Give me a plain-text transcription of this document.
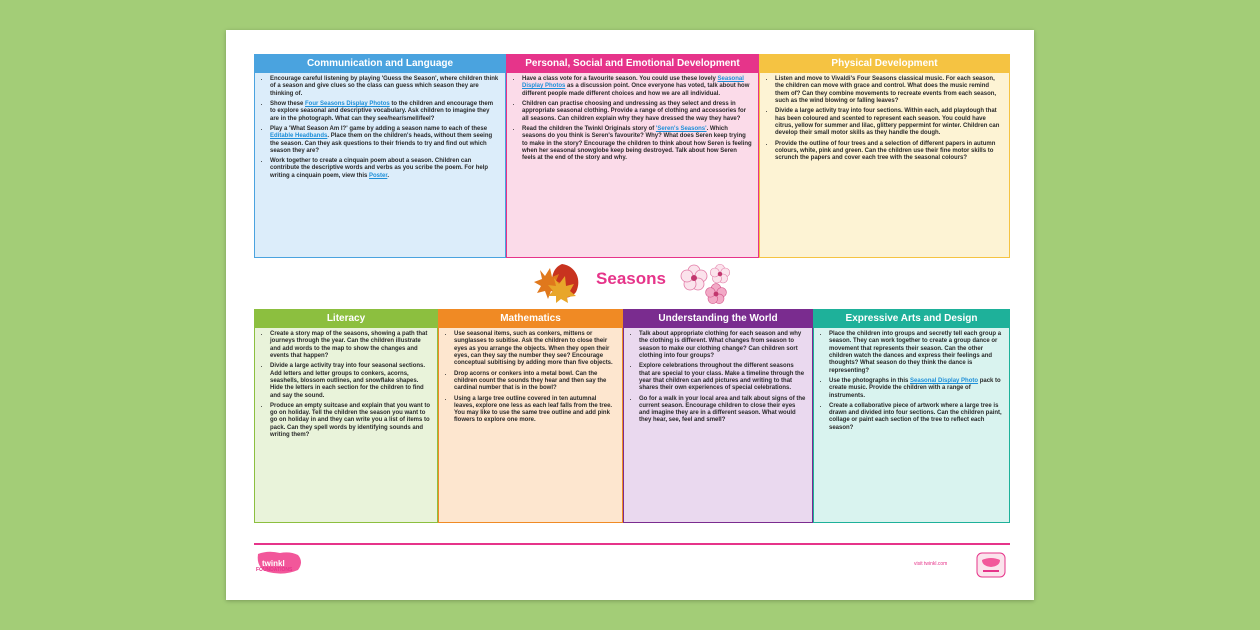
Communication and Language
• Encourage careful listening by playing 'Guess the Season', where children think of a season and give clues so the class can guess which season they are thinking of.
• Show these Four Seasons Display Photos to the children and encourage them to explore seasonal and descriptive vocabulary. Ask children to imagine they are in the photograph. What can they see/hear/smell/feel?
• Play a 'What Season Am I?' game by adding a season name to each of these Editable Headbands. Place them on the children's heads, without them seeing the season. Can they ask questions to their friends to try and find out which season they are?
• Work together to create a cinquain poem about a season. Children can contribute the descriptive words and verbs as you scribe the poem. For help writing a cinquain poem, view this Poster.
Personal, Social and Emotional Development
• Have a class vote for a favourite season. You could use these lovely Seasonal Display Photos as a discussion point. Once everyone has voted, talk about how different people made different choices and how we are all individual.
• Children can practise choosing and undressing as they select and dress in appropriate seasonal clothing. Provide a range of clothing and accessories for all seasons. Can children explain why they have dressed the way they have?
• Read the children the Twinkl Originals story of 'Seren's Seasons'. Which seasons do you think is Seren's favourite? Why? What does Seren keep trying to make in the story? Encourage the children to think about how Seren is feeling when her seasonal snowglobe keep being destroyed. Talk about how Seren feels at the end of the story and why.
Physical Development
• Listen and move to Vivaldi's Four Seasons classical music. For each season, the children can move with grace and control. What does the music remind them of? Can they combine movements to recreate events from each season, such as the wind blowing or falling leaves?
• Divide a large activity tray into four sections. Within each, add playdough that has been coloured and scented to represent each season. You could have citrus, yellow for summer and lilac, glittery peppermint for winter. Children can develop their small motor skills as they handle the dough.
• Provide the outline of four trees and a selection of different papers in autumn colours, white, pink and green. Can the children use their fine motor skills to scrunch the papers and cover each tree with the seasonal colours?
Seasons
Literacy
• Create a story map of the seasons, showing a path that journeys through the year. Can the children illustrate and add words to the map to show the changes and events that happen?
• Divide a large activity tray into four seasonal sections. Add letters and letter groups to conkers, acorns, seashells, blossom outlines, and snowflake shapes. Hide the letters in each section for the children to find and say the sound.
• Produce an empty suitcase and explain that you want to go on holiday. Tell the children the season you want to go on holiday in and they can write you a list of items to pack. Can they spell words by identifying sounds and writing them?
Mathematics
• Use seasonal items, such as conkers, mittens or sunglasses to subitise. Ask the children to close their eyes as you arrange the objects. When they open their eyes, can they say the number they see? Encourage conceptual subitising by adding more than five objects.
• Drop acorns or conkers into a metal bowl. Can the children count the sounds they hear and then say the cardinal number that is in the bowl?
• Using a large tree outline covered in ten autumnal leaves, explore one less as each leaf falls from the tree. You may like to use the same tree outline and add pink flowers to explore one more.
Understanding the World
• Talk about appropriate clothing for each season and why the clothing is different. What changes from season to season to make our clothing change? Can children sort clothing into four groups?
• Explore celebrations throughout the different seasons that are special to your class. Make a timeline through the year that children can add pictures and writing to that shares their own experiences of special celebrations.
• Go for a walk in your local area and talk about signs of the current season. Encourage children to close their eyes and imagine they are in a different season. What would they hear, see, feel and smell?
Expressive Arts and Design
• Place the children into groups and secretly tell each group a season. They can work together to create a group dance or movement that represents their season. Can the other children watch the dances and express their feelings and thoughts? What season do they think the dance is representing?
• Use the photographs in this Seasonal Display Photo pack to create music. Provide the children with a range of instruments.
• Create a collaborative piece of artwork where a large tree is drawn and divided into four sections. Can the children paint, collage or paint each section of the tree to reflect each season?
twinkl
FOUNDATIONS
visit twinkl.com
